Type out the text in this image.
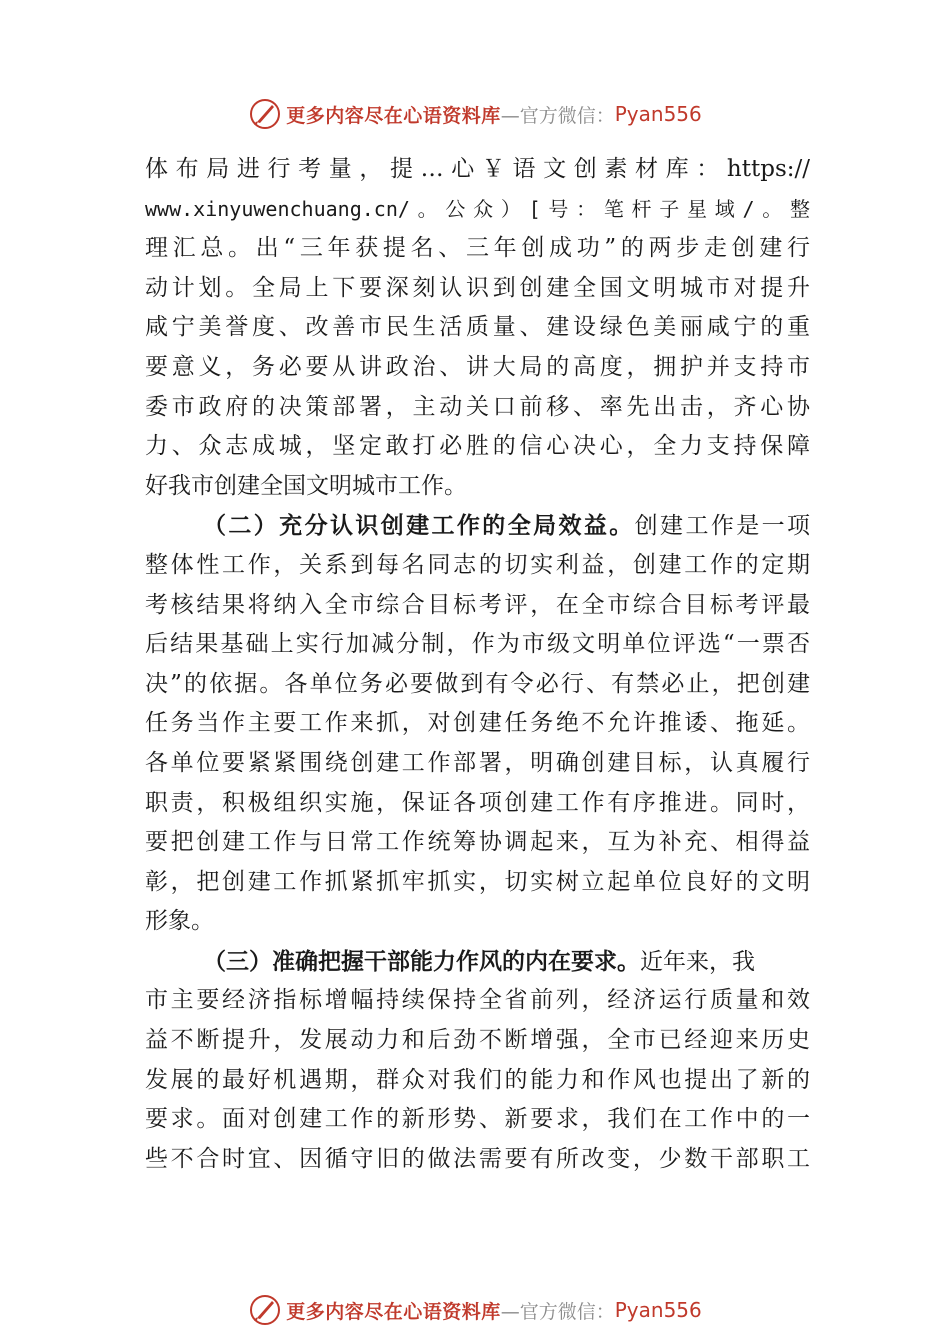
更多内容尽在心语资料库 —官方微信： Pyan556
体布局进行考量，提…心￥语文创素材库：https://
www.xinyuwenchuang.cn/。公众）[号：笔杆子星域/。整
理汇总。出“三年获提名、三年创成功”的两步走创建行
动计划。全局上下要深刻认识到创建全国文明城市对提升
咸宁美誉度、改善市民生活质量、建设绿色美丽咸宁的重
要意义，务必要从讲政治、讲大局的高度，拥护并支持市
委市政府的决策部署，主动关口前移、率先出击，齐心协
力、众志成城，坚定敢打必胜的信心决心，全力支持保障
好我市创建全国文明城市工作。
（二）充分认识创建工作的全局效益。创建工作是一项
整体性工作，关系到每名同志的切实利益，创建工作的定期
考核结果将纳入全市综合目标考评，在全市综合目标考评最
后结果基础上实行加减分制，作为市级文明单位评选“一票否
决”的依据。各单位务必要做到有令必行、有禁必止，把创建
任务当作主要工作来抓，对创建任务绝不允许推诿、拖延。
各单位要紧紧围绕创建工作部署，明确创建目标，认真履行
职责，积极组织实施，保证各项创建工作有序推进。同时，
要把创建工作与日常工作统筹协调起来，互为补充、相得益
彰，把创建工作抓紧抓牢抓实，切实树立起单位良好的文明
形象。
（三）准确把握干部能力作风的内在要求。近年来，我
市主要经济指标增幅持续保持全省前列，经济运行质量和效
益不断提升，发展动力和后劲不断增强，全市已经迎来历史
发展的最好机遇期，群众对我们的能力和作风也提出了新的
要求。面对创建工作的新形势、新要求，我们在工作中的一
些不合时宜、因循守旧的做法需要有所改变，少数干部职工
更多内容尽在心语资料库 —官方微信： Pyan556
